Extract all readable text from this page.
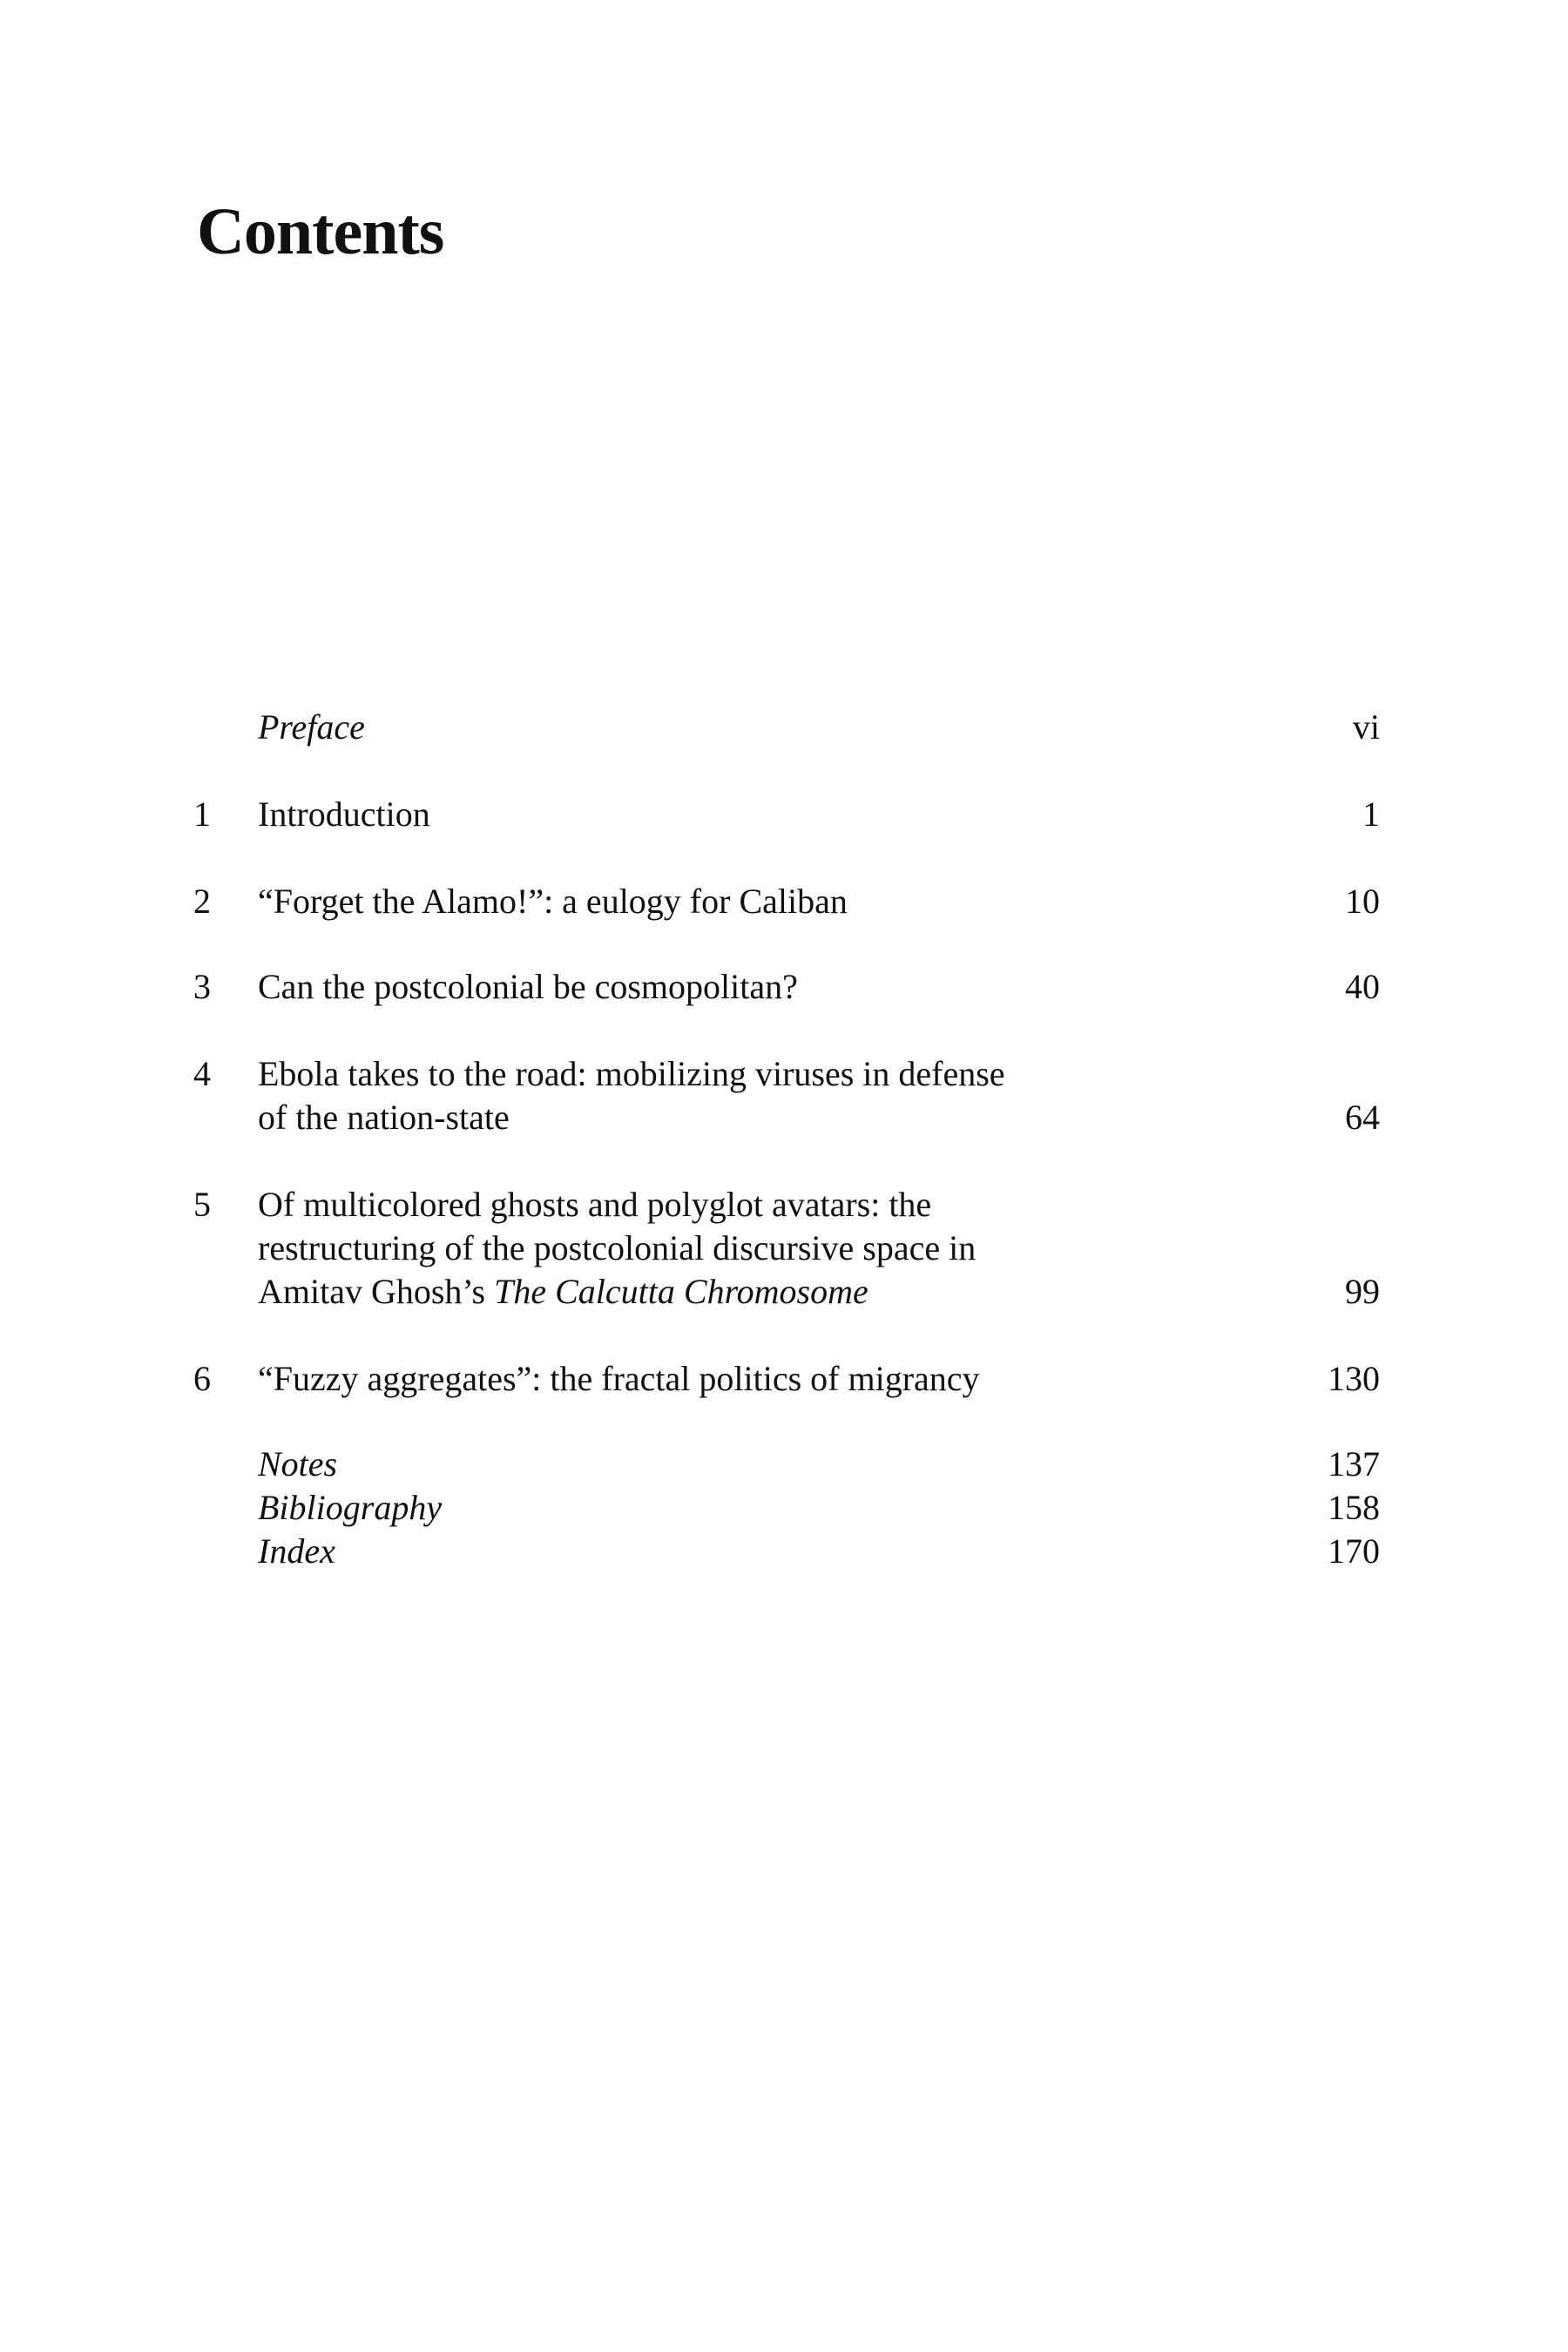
Contents
Preface	vi
1 Introduction	1
2 “Forget the Alamo!”: a eulogy for Caliban	10
3 Can the postcolonial be cosmopolitan?	40
4 Ebola takes to the road: mobilizing viruses in defense
of the nation-state	64
5 Of multicolored ghosts and polyglot avatars: the
restructuring of the postcolonial discursive space in
Amitav Ghosh’s The Calcutta Chromosome	99
6 “Fuzzy aggregates”: the fractal politics of migrancy	130
Notes	137
Bibliography	158
Index	170
